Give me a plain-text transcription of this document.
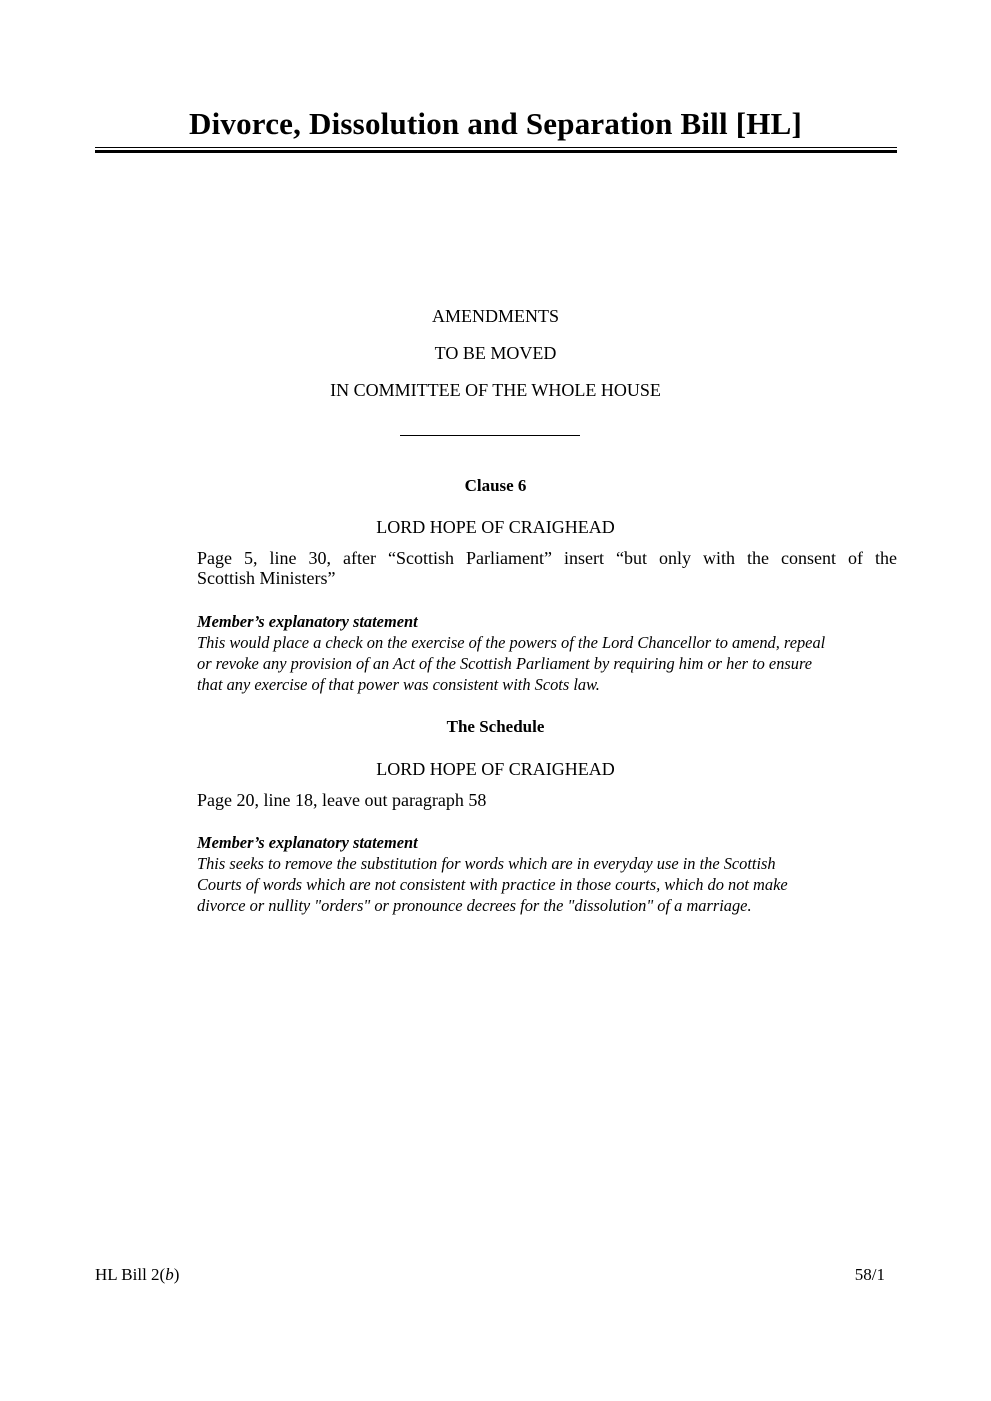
Divorce, Dissolution and Separation Bill [HL]
AMENDMENTS
TO BE MOVED
IN COMMITTEE OF THE WHOLE HOUSE
Clause 6
LORD HOPE OF CRAIGHEAD
Page 5, line 30, after “Scottish Parliament” insert “but only with the consent of the
Scottish Ministers”
Member’s explanatory statement
This would place a check on the exercise of the powers of the Lord Chancellor to amend, repeal
or revoke any provision of an Act of the Scottish Parliament by requiring him or her to ensure
that any exercise of that power was consistent with Scots law.
The Schedule
LORD HOPE OF CRAIGHEAD
Page 20, line 18, leave out paragraph 58
Member’s explanatory statement
This seeks to remove the substitution for words which are in everyday use in the Scottish
Courts of words which are not consistent with practice in those courts, which do not make
divorce or nullity "orders" or pronounce decrees for the "dissolution" of a marriage.
HL Bill 2(b)	58/1
